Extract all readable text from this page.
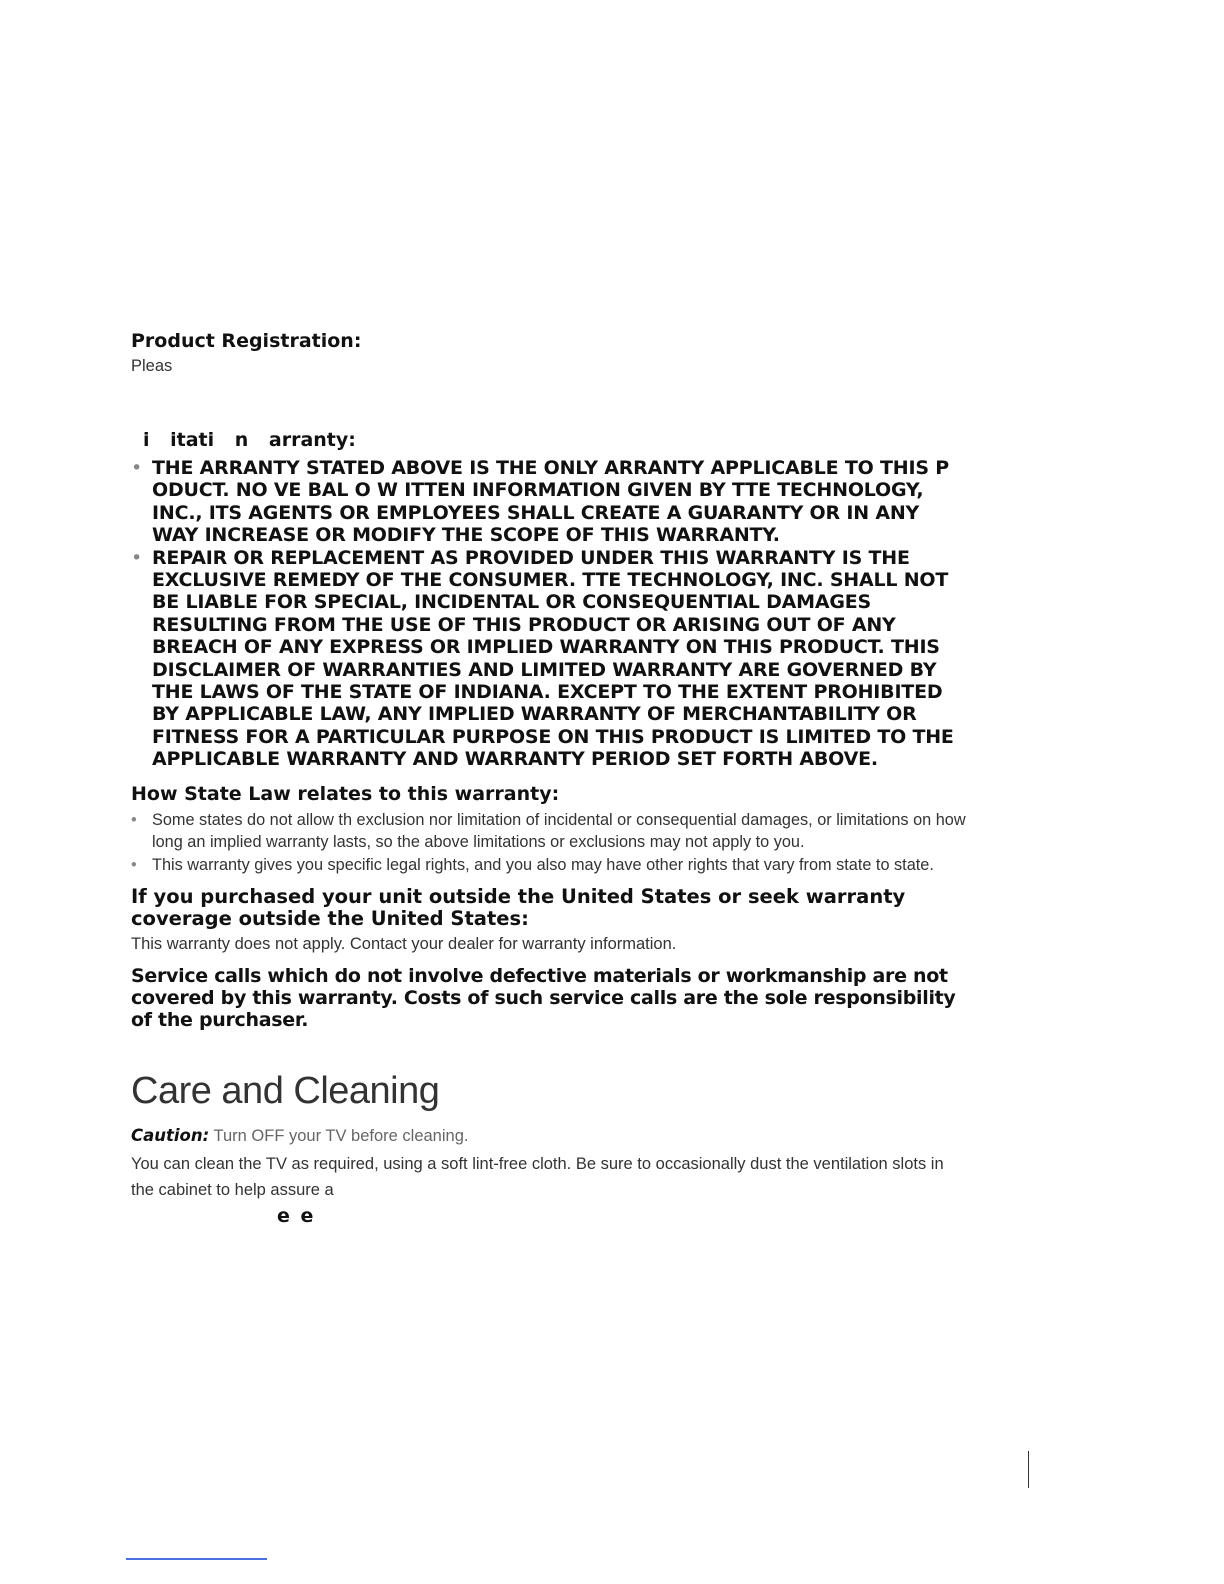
Product Registration:

Pleas

i itati n arranty:
• THE ARRANTY STATED ABOVE IS THE ONLY ARRANTY APPLICABLE TO THIS P ODUCT. NO VE BAL O W ITTEN INFORMATION GIVEN BY TTE TECHNOLOGY, INC., ITS AGENTS OR EMPLOYEES SHALL CREATE A GUARANTY OR IN ANY WAY INCREASE OR MODIFY THE SCOPE OF THIS WARRANTY.
• REPAIR OR REPLACEMENT AS PROVIDED UNDER THIS WARRANTY IS THE EXCLUSIVE REMEDY OF THE CONSUMER. TTE TECHNOLOGY, INC. SHALL NOT BE LIABLE FOR SPECIAL, INCIDENTAL OR CONSEQUENTIAL DAMAGES RESULTING FROM THE USE OF THIS PRODUCT OR ARISING OUT OF ANY BREACH OF ANY EXPRESS OR IMPLIED WARRANTY ON THIS PRODUCT. THIS DISCLAIMER OF WARRANTIES AND LIMITED WARRANTY ARE GOVERNED BY THE LAWS OF THE STATE OF INDIANA. EXCEPT TO THE EXTENT PROHIBITED BY APPLICABLE LAW, ANY IMPLIED WARRANTY OF MERCHANTABILITY OR FITNESS FOR A PARTICULAR PURPOSE ON THIS PRODUCT IS LIMITED TO THE APPLICABLE WARRANTY AND WARRANTY PERIOD SET FORTH ABOVE.
How State Law relates to this warranty:
• Some states do not allow th exclusion nor limitation of incidental or consequential damages, or limitations on how long an implied warranty lasts, so the above limitations or exclusions may not apply to you.
• This warranty gives you specific legal rights, and you also may have other rights that vary from state to state.
If you purchased your unit outside the United States or seek warranty coverage outside the United States:

This warranty does not apply. Contact your dealer for warranty information.

Service calls which do not involve defective materials or workmanship are not covered by this warranty. Costs of such service calls are the sole responsibility of the purchaser.

Care and Cleaning

Caution: Turn OFF your TV before cleaning.

You can clean the TV as required, using a soft lint-free cloth. Be sure to occasionally dust the ventilation slots in the cabinet to help assure a

e e
